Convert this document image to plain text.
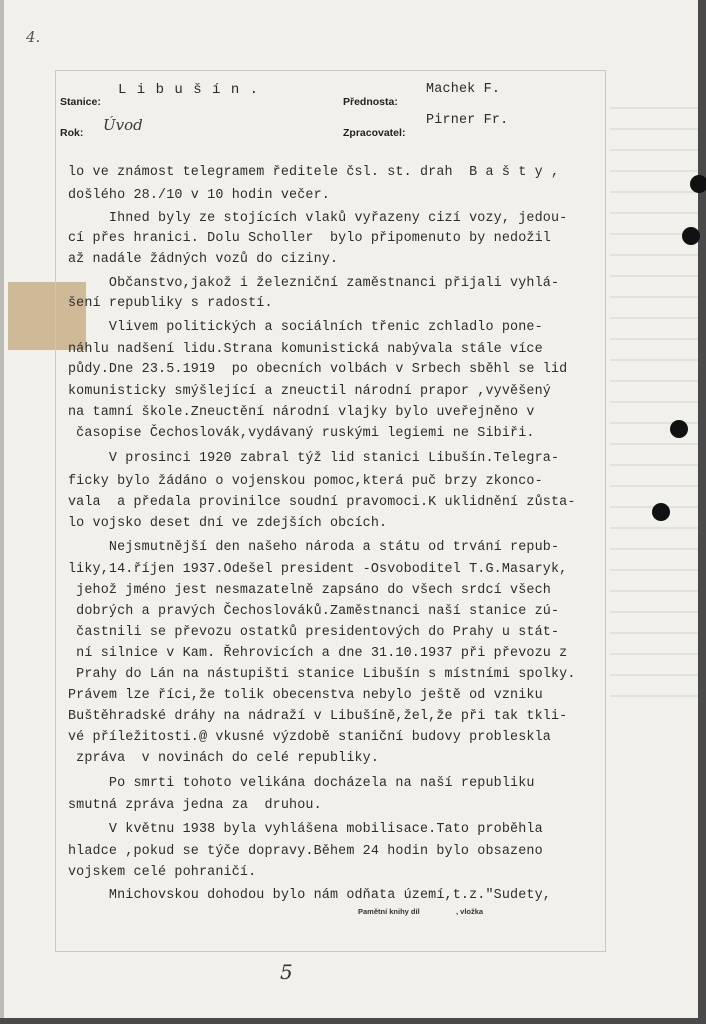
4.
Stanice:
L i b u š í n .
Přednosta:
Machek F.
Rok: Úvod	Zpracovatel:
Pirner Fr.
lo ve známost telegramem ředitele čsl. st. drah  B a š t y ,
došlého 28./10 v 10 hodin večer.
Ihned byly ze stojících vlaků vyřazeny cizí vozy, jedou-
cí přes hranici. Dolu Scholler  bylo připomenuto by nedožil
až nadále žádných vozů do ciziny.
Občanstvo,jakož i železniční zaměstnanci přijali vyhlá-
šení republiky s radostí.
Vlivem politických a sociálních třenic zchladlo pone-
náhlu nadšení lidu.Strana komunistická nabývala stále více
půdy.Dne 23.5.1919  po obecních volbách v Srbech sběhl se lid
komunisticky smýšlející a zneuctil národní prapor ,vyvěšený
na tamní škole.Zneuctění národní vlajky bylo uveřejněno v
časopise Čechoslovák,vydávaný ruskými legiemi ne Sibiři.
V prosinci 1920 zabral týž lid stanici Libušín.Telegra-
ficky bylo žádáno o vojenskou pomoc,která puč brzy zkonco-
vala  a předala provinilce soudní pravomoci.K uklidnění zůsta-
lo vojsko deset dní ve zdejších obcích.
Nejsmutnější den našeho národa a státu od trvání repub-
liky,14.říjen 1937.Odešel president -Osvoboditel T.G.Masaryk,
jehož jméno jest nesmazatelně zapsáno do všech srdcí všech
dobrých a pravých Čechoslováků.Zaměstnanci naší stanice zú-
častnili se převozu ostatků presidentových do Prahy u stát-
ní silnice v Kam. Řehrovicích a dne 31.10.1937 při převozu z
Prahy do Lán na nástupišti stanice Libušín s místními spolky.
Právem lze říci,že tolik obecenstva nebylo ještě od vzniku
Buštěhradské dráhy na nádraží v Libušíně,žel,že při tak tkli-
vé příležitosti.@ vkusné výzdobě staniční budovy probleskla
zpráva  v novinách do celé republiky.
Po smrti tohoto velikána docházela na naší republiku
smutná zpráva jedna za  druhou.
V květnu 1938 byla vyhlášena mobilisace.Tato proběhla
hladce ,pokud se týče dopravy.Během 24 hodin bylo obsazeno
vojskem celé pohraničí.
Mnichovskou dohodou bylo nám odňata území,t.z."Sudety,
Pamětní knihy díl	, vložka
5
